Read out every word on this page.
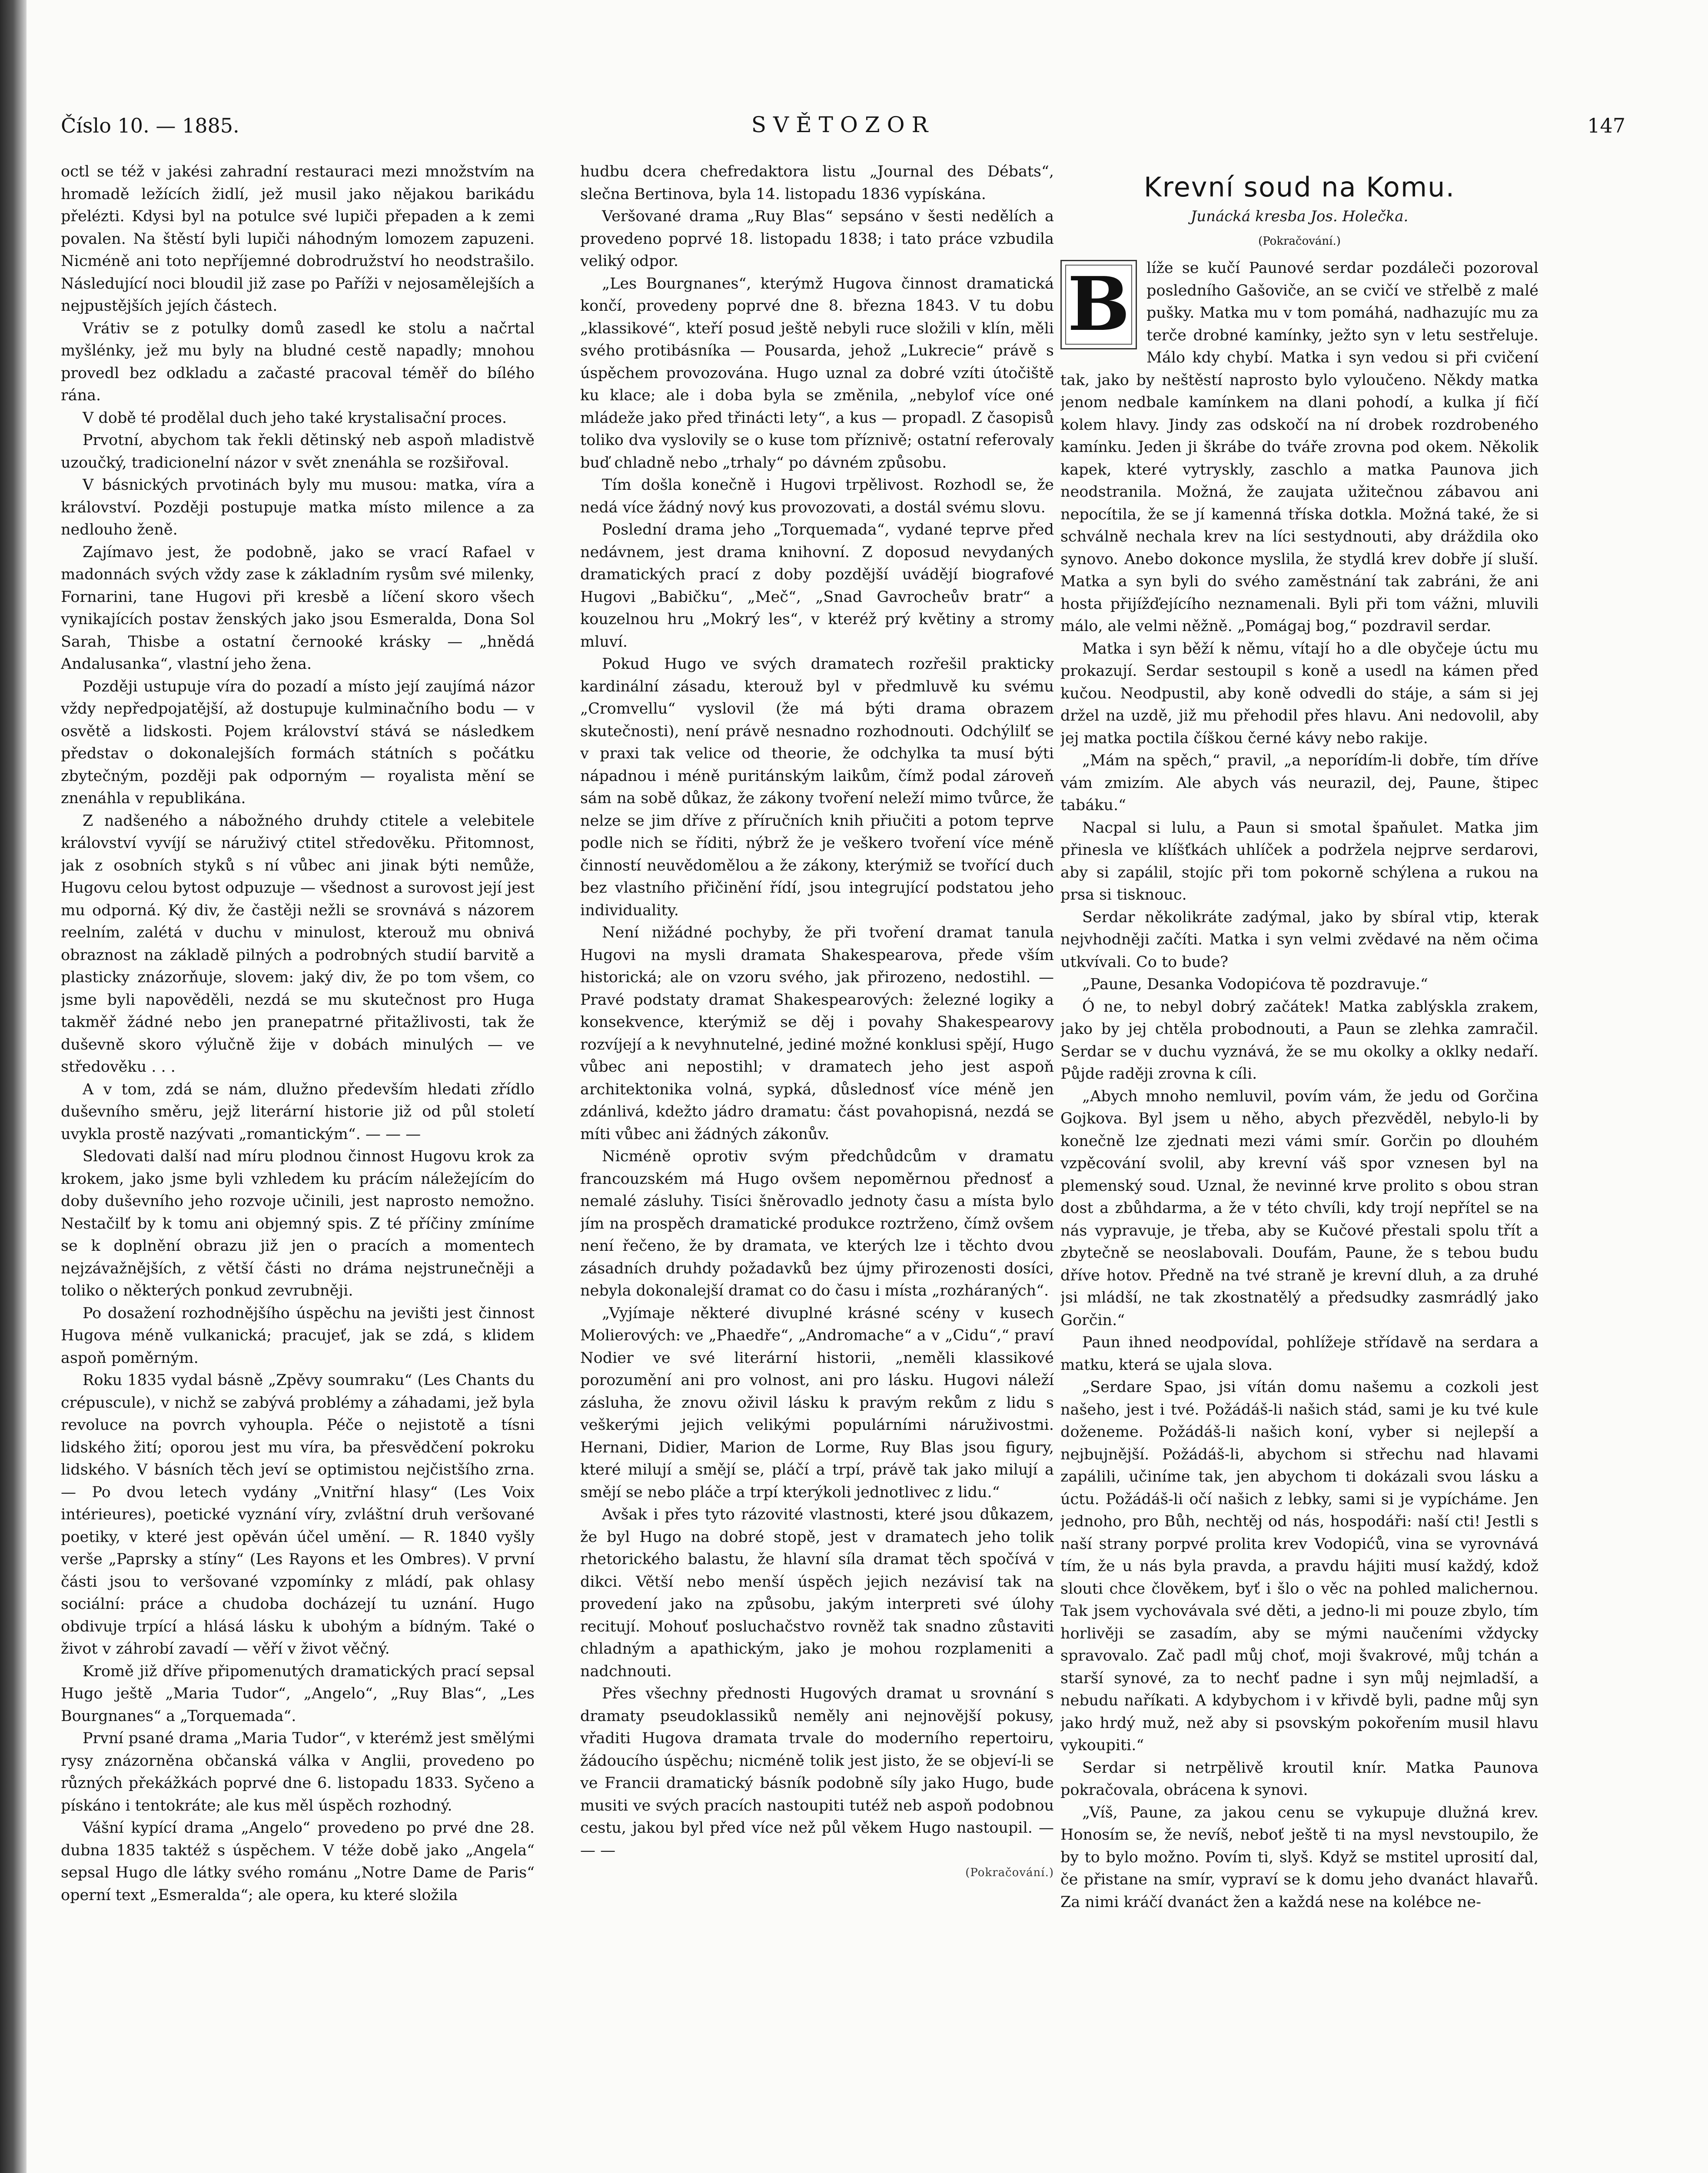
Číslo 10. — 1885.	SVĚTOZOR	147

octl se též v jakési zahradní restauraci mezi množstvím na hromadě ležících židlí, jež musil jako nějakou barikádu přelézti. Kdysi byl na potulce své lupiči přepaden a k zemi povalen. Na štěstí byli lupiči náhodným lomozem zapuzeni. Nicméně ani toto nepříjemné dobrodružství ho neodstrašilo. Následující noci bloudil již zase po Paříži v nejosamělejších a nejpustějších jejích částech.

Vrátiv se z potulky domů zasedl ke stolu a načrtal myšlénky, jež mu byly na bludné cestě napadly; mnohou provedl bez odkladu a začasté pracoval téměř do bílého rána.

V době té prodělal duch jeho také krystalisační proces.

Prvotní, abychom tak řekli dětinský neb aspoň mladistvě uzoučký, tradicionelní názor v svět znenáhla se rozšiřoval.

V básnických prvotinách byly mu musou: matka, víra a království. Později postupuje matka místo milence a za nedlouho ženě.

Zajímavo jest, že podobně, jako se vrací Rafael v madonnách svých vždy zase k základním rysům své milenky, Fornarini, tane Hugovi při kresbě a líčení skoro všech vynikajících postav ženských jako jsou Esmeralda, Dona Sol Sarah, Thisbe a ostatní černooké krásky — „hnědá Andalusanka“, vlastní jeho žena.

Později ustupuje víra do pozadí a místo její zaujímá názor vždy nepředpojatější, až dostupuje kulminačního bodu — v osvětě a lidskosti. Pojem království stává se následkem představ o dokonalejších formách státních s počátku zbytečným, později pak odporným — royalista mění se znenáhla v republikána.

Z nadšeného a nábožného druhdy ctitele a velebitele království vyvíjí se náruživý ctitel středověku. Přitomnost, jak z osobních styků s ní vůbec ani jinak býti nemůže, Hugovu celou bytost odpuzuje — všednost a surovost její jest mu odporná. Ký div, že častěji nežli se srovnává s názorem reelním, zalétá v duchu v minulost, kterouž mu obnivá obraznost na základě pilných a podrobných studií barvitě a plasticky znázorňuje, slovem: jaký div, že po tom všem, co jsme byli napověděli, nezdá se mu skutečnost pro Huga takměř žádné nebo jen pranepatrné přitažlivosti, tak že duševně skoro výlučně žije v dobách minulých — ve středověku . . .

A v tom, zdá se nám, dlužno především hledati zřídlo duševního směru, jejž literární historie již od půl století uvykla prostě nazývati „romantickým“. — — —

Sledovati další nad míru plodnou činnost Hugovu krok za krokem, jako jsme byli vzhledem ku prácím náležejícím do doby duševního jeho rozvoje učinili, jest naprosto nemožno. Nestačilť by k tomu ani objemný spis. Z té příčiny zmíníme se k doplnění obrazu již jen o pracích a momentech nejzávažnějších, z větší části no dráma nejstrunečněji a toliko o některých ponkud zevrubněji.

Po dosažení rozhodnějšího úspěchu na jevišti jest činnost Hugova méně vulkanická; pracujeť, jak se zdá, s klidem aspoň poměrným.

Roku 1835 vydal básně „Zpěvy soumraku“ (Les Chants du crépuscule), v nichž se zabývá problémy a záhadami, jež byla revoluce na povrch vyhoupla. Péče o nejistotě a tísni lidského žití; oporou jest mu víra, ba přesvědčení pokroku lidského. V básních těch jeví se optimistou nejčistšího zrna. — Po dvou letech vydány „Vnitřní hlasy“ (Les Voix intérieures), poetické vyznání víry, zvláštní druh veršované poetiky, v které jest opěván účel umění. — R. 1840 vyšly verše „Paprsky a stíny“ (Les Rayons et les Ombres). V první části jsou to veršované vzpomínky z mládí, pak ohlasy sociální: práce a chudoba docházejí tu uznání. Hugo obdivuje trpící a hlásá lásku k ubohým a bídným. Také o život v záhrobí zavadí — věří v život věčný.

Kromě již dříve připomenutých dramatických prací sepsal Hugo ještě „Maria Tudor“, „Angelo“, „Ruy Blas“, „Les Bourgnanes“ a „Torquemada“.

První psané drama „Maria Tudor“, v kterémž jest smělými rysy znázorněna občanská válka v Anglii, provedeno po různých překážkách poprvé dne 6. listopadu 1833. Syčeno a pískáno i tentokráte; ale kus měl úspěch rozhodný.

Vášní kypící drama „Angelo“ provedeno po prvé dne 28. dubna 1835 taktéž s úspěchem. V téže době jako „Angela“ sepsal Hugo dle látky svého románu „Notre Dame de Paris“ operní text „Esmeralda“; ale opera, ku které složila

hudbu dcera chefredaktora listu „Journal des Débats“, slečna Bertinova, byla 14. listopadu 1836 vypískána.

Veršované drama „Ruy Blas“ sepsáno v šesti nedělích a provedeno poprvé 18. listopadu 1838; i tato práce vzbudila veliký odpor.

„Les Bourgnanes“, kterýmž Hugova činnost dramatická končí, provedeny poprvé dne 8. března 1843. V tu dobu „klassikové“, kteří posud ještě nebyli ruce složili v klín, měli svého protibásníka — Pousarda, jehož „Lukrecie“ právě s úspěchem provozována. Hugo uznal za dobré vzíti útočiště ku klace; ale i doba byla se změnila, „nebylof více oné mládeže jako před třinácti lety“, a kus — propadl. Z časopisů toliko dva vyslovily se o kuse tom příznivě; ostatní referovaly buď chladně nebo „trhaly“ po dávném způsobu.

Tím došla konečně i Hugovi trpělivost. Rozhodl se, že nedá více žádný nový kus provozovati, a dostál svému slovu.

Poslední drama jeho „Torquemada“, vydané teprve před nedávnem, jest drama knihovní. Z doposud nevydaných dramatických prací z doby pozdější uvádějí biografové Hugovi „Babičku“, „Meč“, „Snad Gavrocheův bratr“ a kouzelnou hru „Mokrý les“, v kteréž prý květiny a stromy mluví.

Pokud Hugo ve svých dramatech rozřešil prakticky kardinální zásadu, kterouž byl v předmluvě ku svému „Cromvellu“ vyslovil (že má býti drama obrazem skutečnosti), není právě nesnadno rozhodnouti. Odchýlilť se v praxi tak velice od theorie, že odchylka ta musí býti nápadnou i méně puritánským laikům, čímž podal zároveň sám na sobě důkaz, že zákony tvoření neleží mimo tvůrce, že nelze se jim dříve z příručních knih přiučiti a potom teprve podle nich se říditi, nýbrž že je veškero tvoření více méně činností neuvědomělou a že zákony, kterýmiž se tvořící duch bez vlastního přičinění řídí, jsou integrující podstatou jeho individuality.

Není nižádné pochyby, že při tvoření dramat tanula Hugovi na mysli dramata Shakespearova, přede vším historická; ale on vzoru svého, jak přirozeno, nedostihl. — Pravé podstaty dramat Shakespearových: železné logiky a konsekvence, kterýmiž se děj i povahy Shakespearovy rozvíjejí a k nevyhnutelné, jediné možné konklusi spějí, Hugo vůbec ani nepostihl; v dramatech jeho jest aspoň architektonika volná, sypká, důslednosť více méně jen zdánlivá, kdežto jádro dramatu: část povahopisná, nezdá se míti vůbec ani žádných zákonův.

Nicméně oprotiv svým předchůdcům v dramatu francouzském má Hugo ovšem nepoměrnou přednosť a nemalé zásluhy. Tisíci šněrovadlo jednoty času a místa bylo jím na prospěch dramatické produkce roztrženo, čímž ovšem není řečeno, že by dramata, ve kterých lze i těchto dvou zásadních druhdy požadavků bez újmy přirozenosti dosíci, nebyla dokonalejší dramat co do času i místa „rozháraných“.

„Vyjímaje některé divuplné krásné scény v kusech Molierových: ve „Phaedře“, „Andromache“ a v „Cidu“,“ praví Nodier ve své literární historii, „neměli klassikové porozumění ani pro volnost, ani pro lásku. Hugovi náleží zásluha, že znovu oživil lásku k pravým rekům z lidu s veškerými jejich velikými populárními náruživostmi. Hernani, Didier, Marion de Lorme, Ruy Blas jsou figury, které milují a smějí se, pláčí a trpí, právě tak jako milují a smějí se nebo pláče a trpí kterýkoli jednotlivec z lidu.“

Avšak i přes tyto rázovité vlastnosti, které jsou důkazem, že byl Hugo na dobré stopě, jest v dramatech jeho tolik rhetorického balastu, že hlavní síla dramat těch spočívá v dikci. Větší nebo menší úspěch jejich nezávisí tak na provedení jako na způsobu, jakým interpreti své úlohy recitují. Mohouť posluchačstvo rovněž tak snadno zůstaviti chladným a apathickým, jako je mohou rozplameniti a nadchnouti.

Přes všechny přednosti Hugových dramat u srovnání s dramaty pseudoklassiků neměly ani nejnovější pokusy, vřaditi Hugova dramata trvale do moderního repertoiru, žádoucího úspěchu; nicméně tolik jest jisto, že se objeví-li se ve Francii dramatický básník podobně síly jako Hugo, bude musiti ve svých pracích nastoupiti tutéž neb aspoň podobnou cestu, jakou byl před více než půl věkem Hugo nastoupil. — — —

(Pokračování.)
Krevní soud na Komu.
Junácká kresba Jos. Holečka.
(Pokračování.)

B	líže se kučí Paunové serdar pozdáleči pozoroval posledního Gašoviče, an se cvičí ve střelbě z malé pušky. Matka mu v tom pomáhá, nadhazujíc mu za terče drobné kamínky, ježto syn v letu sestřeluje. Málo kdy chybí. Matka i syn vedou si při cvičení tak, jako by neštěstí naprosto bylo vyloučeno. Někdy matka jenom nedbale kamínkem na dlani pohodí, a kulka jí fičí kolem hlavy. Jindy zas odskočí na ní drobek rozdrobeného kamínku. Jeden ji škrábe do tváře zrovna pod okem. Několik kapek, které vytryskly, zaschlo a matka Paunova jich neodstranila. Možná, že zaujata užitečnou zábavou ani nepocítila, že se jí kamenná tříska dotkla. Možná také, že si schválně nechala krev na líci sestydnouti, aby dráždila oko synovo. Anebo dokonce myslila, že stydlá krev dobře jí sluší. Matka a syn byli do svého zaměstnání tak zabráni, že ani hosta přijížďejícího neznamenali. Byli při tom vážni, mluvili málo, ale velmi něžně. „Pomágaj bog,“ pozdravil serdar.

Matka i syn běží k němu, vítají ho a dle obyčeje úctu mu prokazují. Serdar sestoupil s koně a usedl na kámen před kučou. Neodpustil, aby koně odvedli do stáje, a sám si jej držel na uzdě, již mu přehodil přes hlavu. Ani nedovolil, aby jej matka poctila číškou černé kávy nebo rakije.

„Mám na spěch,“ pravil, „a neporídím-li dobře, tím dříve vám zmizím. Ale abych vás neurazil, dej, Paune, štipec tabáku.“

Nacpal si lulu, a Paun si smotal špaňulet. Matka jim přinesla ve klíšťkách uhlíček a podržela nejprve serdarovi, aby si zapálil, stojíc při tom pokorně schýlena a rukou na prsa si tisknouc.

Serdar několikráte zadýmal, jako by sbíral vtip, kterak nejvhodněji začíti. Matka i syn velmi zvědavé na něm očima utkvívali. Co to bude?

„Paune, Desanka Vodopićova tě pozdravuje.“

Ó ne, to nebyl dobrý začátek! Matka zablýskla zrakem, jako by jej chtěla probodnouti, a Paun se zlehka zamračil. Serdar se v duchu vyznává, že se mu okolky a oklky nedaří. Půjde raději zrovna k cíli.

„Abych mnoho nemluvil, povím vám, že jedu od Gorčina Gojkova. Byl jsem u něho, abych přezvěděl, nebylo-li by konečně lze zjednati mezi vámi smír. Gorčin po dlouhém vzpěcování svolil, aby krevní váš spor vznesen byl na plemenský soud. Uznal, že nevinné krve prolito s obou stran dost a zbůhdarma, a že v této chvíli, kdy trojí nepřítel se na nás vypravuje, je třeba, aby se Kučové přestali spolu třít a zbytečně se neoslabovali. Doufám, Paune, že s tebou budu dříve hotov. Předně na tvé straně je krevní dluh, a za druhé jsi mládší, ne tak zkostnatělý a předsudky zasmrádlý jako Gorčin.“

Paun ihned neodpovídal, pohlížeje střídavě na serdara a matku, která se ujala slova.

„Serdare Spao, jsi vítán domu našemu a cozkoli jest našeho, jest i tvé. Požádáš-li našich stád, sami je ku tvé kule doženeme. Požádáš-li našich koní, vyber si nejlepší a nejbujnější. Požádáš-li, abychom si střechu nad hlavami zapálili, učiníme tak, jen abychom ti dokázali svou lásku a úctu. Požádáš-li očí našich z lebky, sami si je vypícháme. Jen jednoho, pro Bůh, nechtěj od nás, hospodáři: naší cti! Jestli s naší strany porpvé prolita krev Vodopićů, vina se vyrovnává tím, že u nás byla pravda, a pravdu hájiti musí každý, kdož slouti chce člověkem, byť i šlo o věc na pohled malichernou. Tak jsem vychovávala své děti, a jedno-li mi pouze zbylo, tím horlivěji se zasadím, aby se mými naučeními vždycky spravovalo. Zač padl můj choť, moji švakrové, můj tchán a starší synové, za to nechť padne i syn můj nejmladší, a nebudu naříkati. A kdybychom i v křivdě byli, padne můj syn jako hrdý muž, než aby si psovským pokořením musil hlavu vykoupiti.“

Serdar si netrpělivě kroutil knír. Matka Paunova pokračovala, obrácena k synovi.

„Víš, Paune, za jakou cenu se vykupuje dlužná krev. Honosím se, že nevíš, neboť ještě ti na mysl nevstoupilo, že by to bylo možno. Povím ti, slyš. Když se mstitel uprosití dal, če přistane na smír, vypraví se k domu jeho dvanáct hlavařů. Za nimi kráčí dvanáct žen a každá nese na kolébce ne-
